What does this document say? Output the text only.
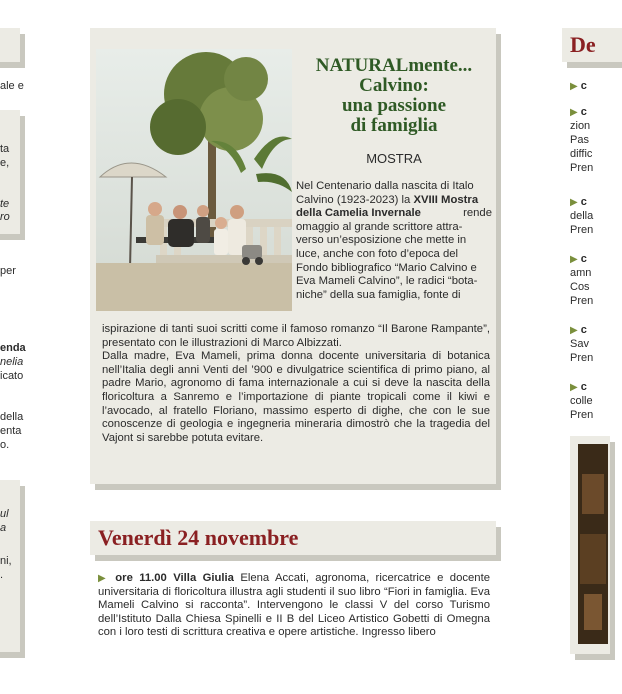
ale e
ta
e,
te
ro
per
enda
nelia
icato
della
enta
o.
ul
a
ni,
.
NATURALmente...
Calvino:
una passione
di famiglia
MOSTRA
Nel Centenario dalla nascita di Italo
Calvino (1923-2023) la XVIII Mostra
della Camelia Invernale	rende
omaggio al grande scrittore attra-
verso un’esposizione che mette in
luce, anche con foto d’epoca del
Fondo bibliografico “Mario Calvino e
Eva Mameli Calvino”, le radici “bota-
niche” della sua famiglia, fonte di

ispirazione di tanti suoi scritti come il famoso romanzo “Il Barone Rampante”, presentato con le illustrazioni di Marco Albizzati.

Dalla madre, Eva Mameli, prima donna docente universitaria di botanica nell’Italia degli anni Venti del ’900 e divulgatrice scientifica di primo piano, al padre Mario, agronomo di fama internazionale a cui si deve la nascita della floricoltura a Sanremo e l’importazione di piante tropicali come il kiwi e l’avocado, al fratello Floriano, massimo esperto di dighe, che con le sue conoscenze di geologia e ingegneria mineraria dimostrò che la tragedia del Vajont si sarebbe potuta evitare.

Venerdì 24 novembre
▶ ore 11.00 Villa Giulia Elena Accati, agronoma, ricercatrice e docente universitaria di floricoltura illustra agli studenti il suo libro “Fiori in famiglia. Eva Mameli Calvino si racconta”. Intervengono le classi V del corso Turismo dell’Istituto Dalla Chiesa Spinelli e II B del Liceo Artistico Gobetti di Omegna con i loro testi di scrittura creativa e opere artistiche. Ingresso libero
De
▶ c
▶ c
zion
Pas
diffic
Pren
▶ c
della
Pren
▶ c
amn
Cos
Pren
▶ c
Sav
Pren
▶ c
colle
Pren
